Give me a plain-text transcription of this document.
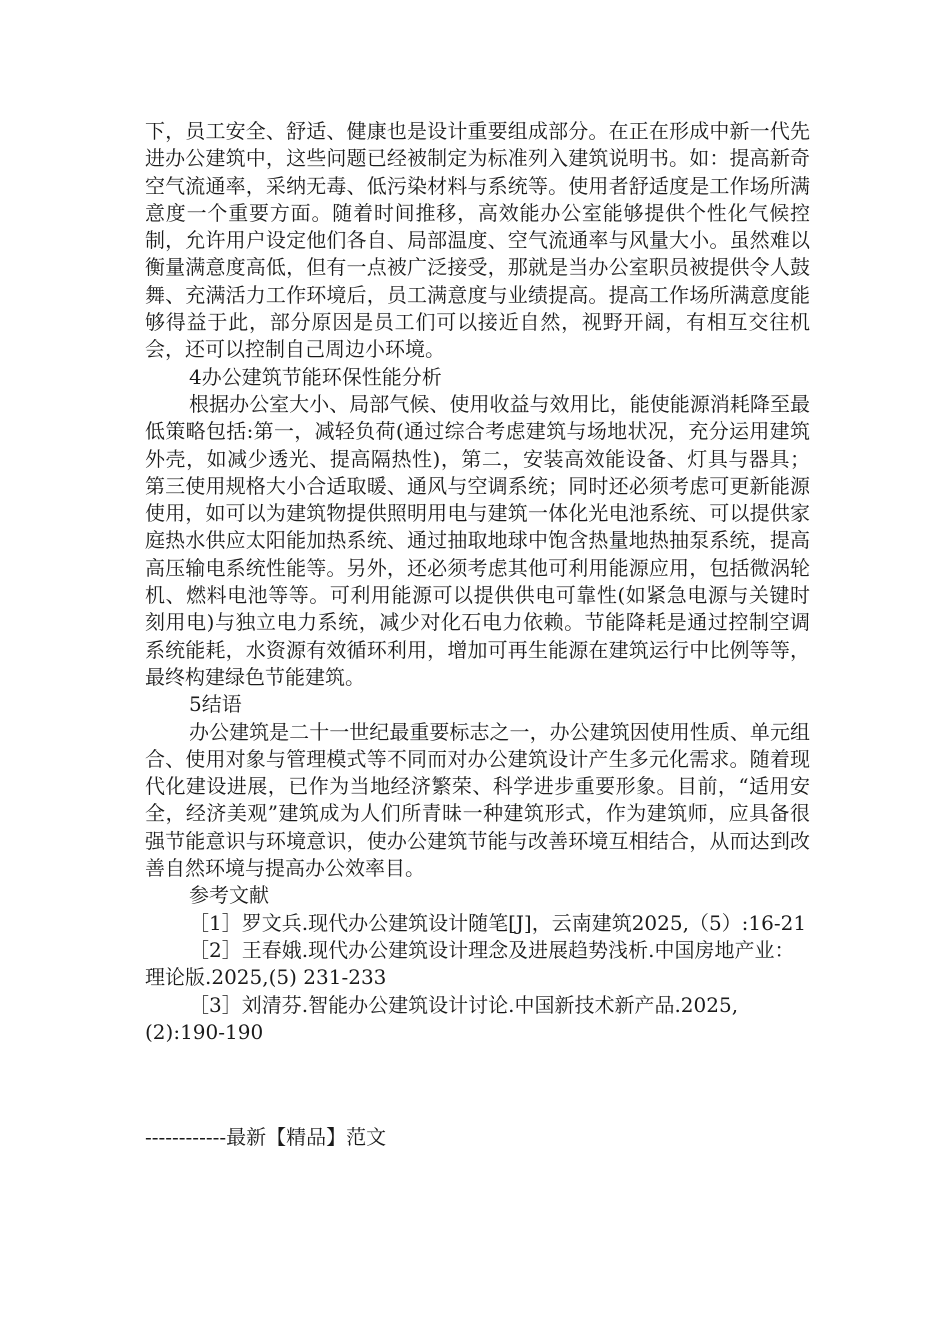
下，员工安全、舒适、健康也是设计重要组成部分。在正在形成中新一代先进办公建筑中，这些问题已经被制定为标准列入建筑说明书。如：提高新奇空气流通率，采纳无毒、低污染材料与系统等。使用者舒适度是工作场所满意度一个重要方面。随着时间推移，高效能办公室能够提供个性化气候控制，允许用户设定他们各自、局部温度、空气流通率与风量大小。虽然难以衡量满意度高低，但有一点被广泛接受，那就是当办公室职员被提供令人鼓舞、充满活力工作环境后，员工满意度与业绩提高。提高工作场所满意度能够得益于此，部分原因是员工们可以接近自然，视野开阔，有相互交往机会，还可以控制自己周边小环境。

4办公建筑节能环保性能分析

根据办公室大小、局部气候、使用收益与效用比，能使能源消耗降至最低策略包括:第一，减轻负荷(通过综合考虑建筑与场地状况，充分运用建筑外壳，如减少透光、提高隔热性)，第二，安装高效能设备、灯具与器具；第三使用规格大小合适取暖、通风与空调系统；同时还必须考虑可更新能源使用，如可以为建筑物提供照明用电与建筑一体化光电池系统、可以提供家庭热水供应太阳能加热系统、通过抽取地球中饱含热量地热抽泵系统，提高高压输电系统性能等。另外，还必须考虑其他可利用能源应用，包括微涡轮机、燃料电池等等。可利用能源可以提供供电可靠性(如紧急电源与关键时刻用电)与独立电力系统，减少对化石电力依赖。节能降耗是通过控制空调系统能耗，水资源有效循环利用，增加可再生能源在建筑运行中比例等等，最终构建绿色节能建筑。

5结语

办公建筑是二十一世纪最重要标志之一，办公建筑因使用性质、单元组合、使用对象与管理模式等不同而对办公建筑设计产生多元化需求。随着现代化建设进展，已作为当地经济繁荣、科学进步重要形象。目前，“适用安全，经济美观”建筑成为人们所青昧一种建筑形式，作为建筑师，应具备很强节能意识与环境意识，使办公建筑节能与改善环境互相结合，从而达到改善自然环境与提高办公效率目。

参考文献

［1］罗文兵.现代办公建筑设计随笔[J]，云南建筑2025,（5）:16-21

［2］王春娥.现代办公建筑设计理念及进展趋势浅析.中国房地产业：理论版.2025,(5) 231-233

［3］刘清芬.智能办公建筑设计讨论.中国新技术新产品.2025,(2):190-190

------------最新【精品】范文
